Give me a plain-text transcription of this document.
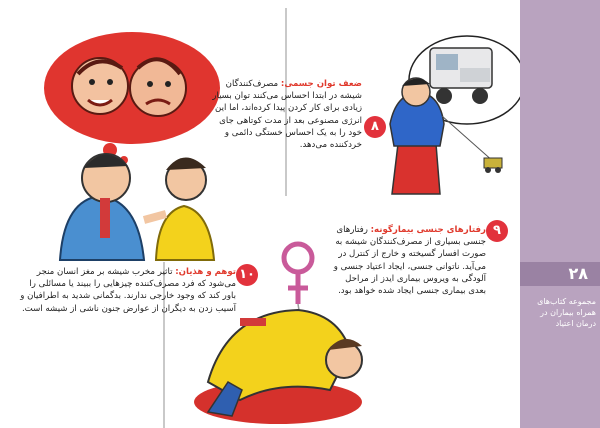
ضعف توان جسمی: مصرف‌کنندگان شیشه در ابتدا احساس می‌کنند توان بسیار زیادی برای کار کردن پیدا کرده‌اند، اما این انرژی مصنوعی بعد از مدت کوتاهی جای خود را به یک احساس خستگی دائمی و خردکننده می‌دهد.
۸
۹
رفتارهای جنسی بیمارگونه: رفتارهای جنسی بسیاری از مصرف‌کنندگان شیشه به صورت افسار گسیخته و خارج از کنترل در می‌آید. ناتوانی جنسی، ایجاد اعتیاد جنسی و آلودگی به ویروس بیماری ایدز از مراحل بعدی بیماری جنسی ایجاد شده خواهد بود.
۱۰
توهم و هذیان: تاثیر مخرب شیشه بر مغز انسان منجر می‌شود که فرد مصرف‌کننده چیزهایی را ببیند یا مسائلی را باور کند که وجود خارجی ندارند. بدگمانی شدید به اطرافیان و آسیب زدن به دیگران از عوارض جنون ناشی از شیشه است.
۲۸
مجموعه کتاب‌های همراه بیماران در درمان اعتیاد
